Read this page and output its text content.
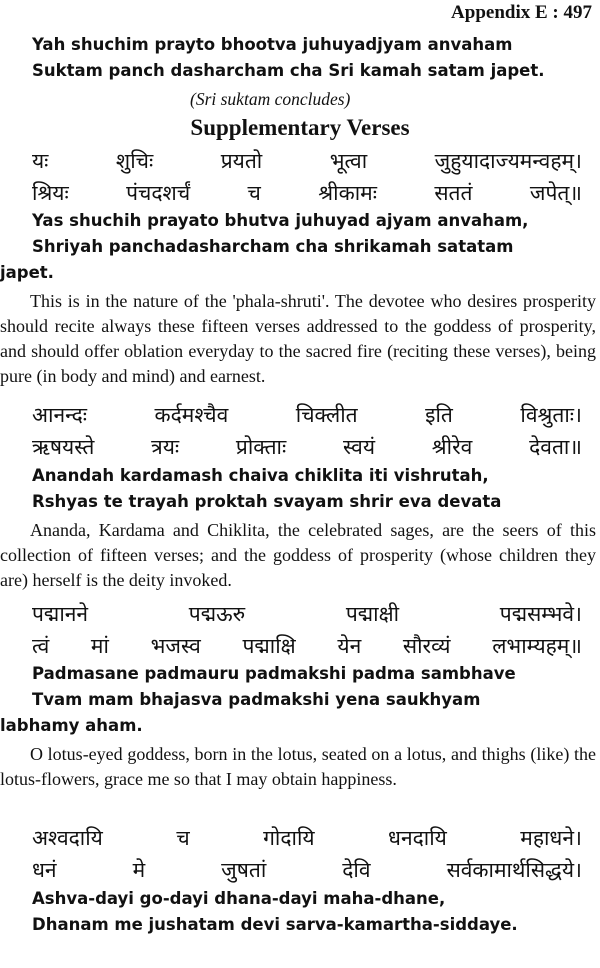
Appendix E : 497
Yah shuchim prayto bhootva juhuyadjyam anvaham
Suktam panch dasharcham cha Sri kamah satam japet.
(Sri suktam concludes)
Supplementary Verses
यः	शुचिः	प्रयतो	भूत्वा	जुहुयादाज्यमन्वहम्।
श्रियः	पंचदशर्चं	च	श्रीकामः	सततं	जपेत्॥
Yas shuchih prayato bhutva juhuyad ajyam anvaham,
Shriyah panchadasharcham cha shrikamah satatam
japet.

This is in the nature of the 'phala-shruti'. The devotee who desires prosperity should recite always these fifteen verses addressed to the goddess of prosperity, and should offer oblation everyday to the sacred fire (reciting these verses), being pure (in body and mind) and earnest.

आनन्दः	कर्दमश्चैव	चिक्लीत	इति	विश्रुताः।
ऋषयस्ते	त्रयः	प्रोक्ताः	स्वयं	श्रीरेव	देवता॥
Anandah kardamash chaiva chiklita iti vishrutah,
Rshyas te trayah proktah svayam shrir eva devata

Ananda, Kardama and Chiklita, the celebrated sages, are the seers of this collection of fifteen verses; and the goddess of prosperity (whose children they are) herself is the deity invoked.

पद्मानने	पद्मऊरु	पद्माक्षी	पद्मसम्भवे।
त्वं मां भजस्व पद्माक्षि येन सौरव्यं लभाम्यहम्॥
Padmasane padmauru padmakshi padma sambhave
Tvam mam bhajasva padmakshi yena saukhyam
labhamy aham.

O lotus-eyed goddess, born in the lotus, seated on a lotus, and thighs (like) the lotus-flowers, grace me so that I may obtain happiness.

अश्वदायि	च	गोदायि	धनदायि	महाधने।
धनं	मे	जुषतां	देवि	सर्वकामार्थसिद्धये।
Ashva-dayi go-dayi dhana-dayi maha-dhane,
Dhanam me jushatam devi sarva-kamartha-siddaye.
